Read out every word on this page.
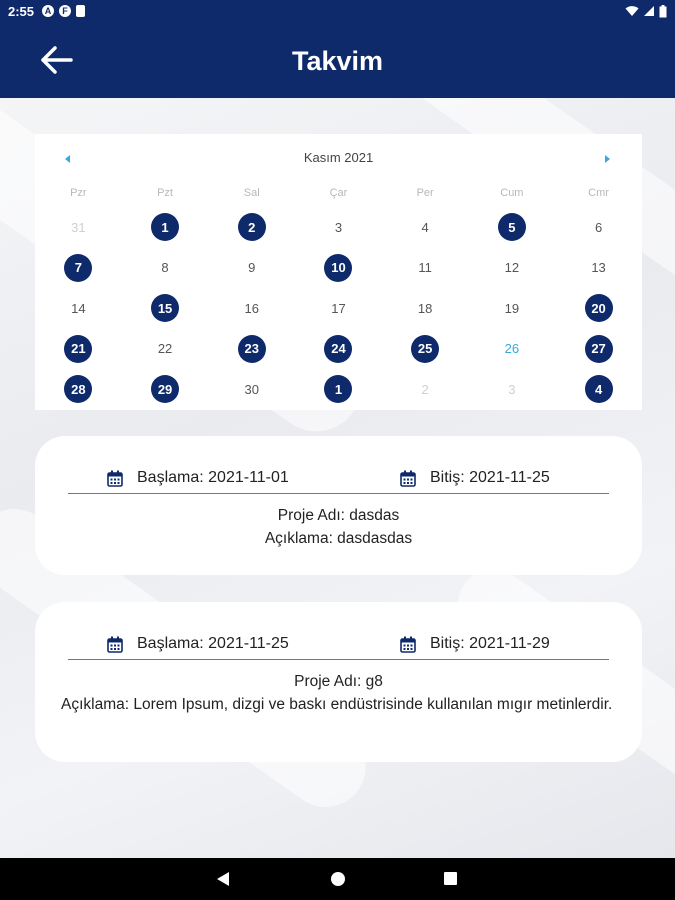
2:55	A	F
Takvim
Kasım 2021
Pzr	Pzt	Sal	Çar	Per	Cum	Cmr
31	1	2	3	4	5	6
7	8	9	10	11	12	13
14	15	16	17	18	19	20
21	22	23	24	25	26	27
28	29	30	1	2	3	4
Başlama: 2021-11-01	Bitiş: 2021-11-25
Proje Adı: dasdas
Açıklama: dasdasdas
Başlama: 2021-11-25	Bitiş: 2021-11-29
Proje Adı: g8
Açıklama: Lorem Ipsum, dizgi ve baskı endüstrisinde kullanılan mıgır metinlerdir.
